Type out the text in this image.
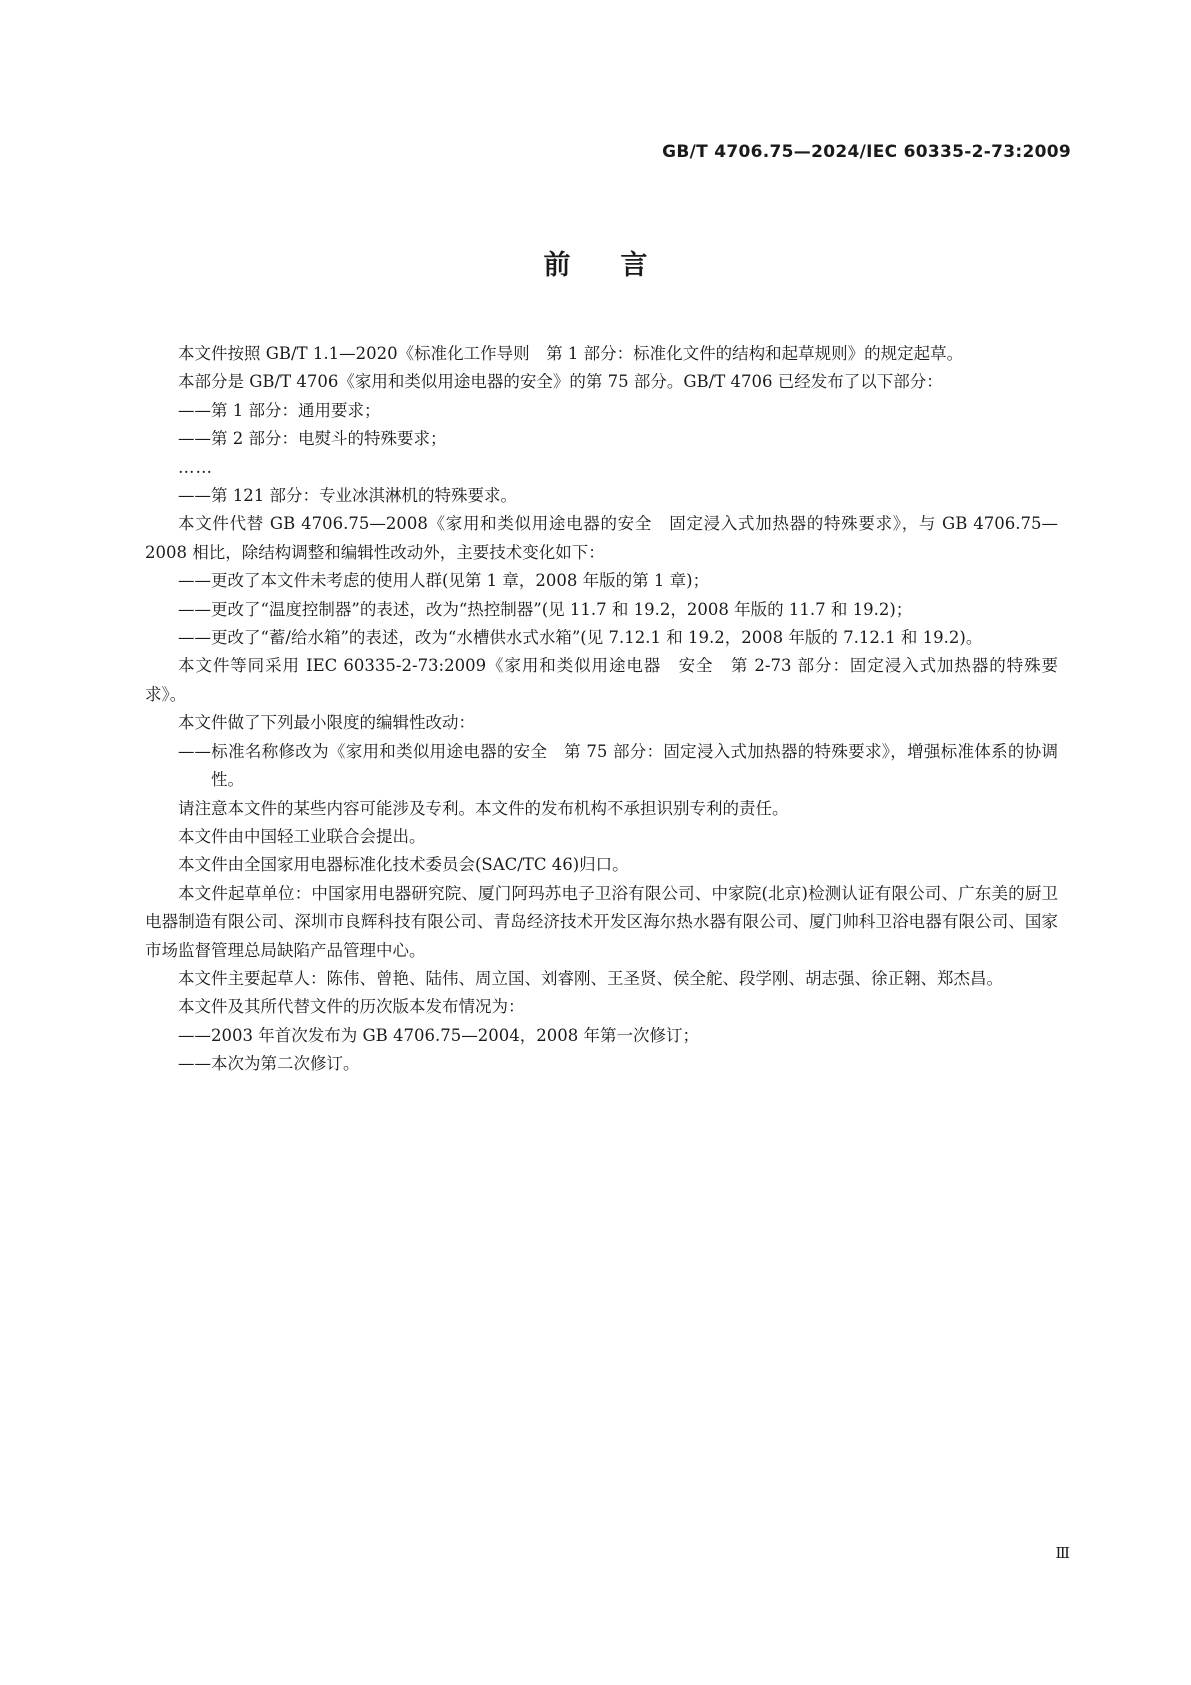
GB/T 4706.75—2024/IEC 60335-2-73:2009
前言

本文件按照 GB/T 1.1—2020《标准化工作导则　第 1 部分：标准化文件的结构和起草规则》的规定起草。

本部分是 GB/T 4706《家用和类似用途电器的安全》的第 75 部分。GB/T 4706 已经发布了以下部分：

——第 1 部分：通用要求；

——第 2 部分：电熨斗的特殊要求；

……

——第 121 部分：专业冰淇淋机的特殊要求。

本文件代替 GB 4706.75—2008《家用和类似用途电器的安全　固定浸入式加热器的特殊要求》，与 GB 4706.75—2008 相比，除结构调整和编辑性改动外，主要技术变化如下：

——更改了本文件未考虑的使用人群(见第 1 章，2008 年版的第 1 章)；

——更改了“温度控制器”的表述，改为“热控制器”(见 11.7 和 19.2，2008 年版的 11.7 和 19.2)；

——更改了“蓄/给水箱”的表述，改为“水槽供水式水箱”(见 7.12.1 和 19.2，2008 年版的 7.12.1 和 19.2)。

本文件等同采用 IEC 60335-2-73:2009《家用和类似用途电器　安全　第 2-73 部分：固定浸入式加热器的特殊要求》。

本文件做了下列最小限度的编辑性改动：

——标准名称修改为《家用和类似用途电器的安全　第 75 部分：固定浸入式加热器的特殊要求》，增强标准体系的协调性。

请注意本文件的某些内容可能涉及专利。本文件的发布机构不承担识别专利的责任。

本文件由中国轻工业联合会提出。

本文件由全国家用电器标准化技术委员会(SAC/TC 46)归口。

本文件起草单位：中国家用电器研究院、厦门阿玛苏电子卫浴有限公司、中家院(北京)检测认证有限公司、广东美的厨卫电器制造有限公司、深圳市良辉科技有限公司、青岛经济技术开发区海尔热水器有限公司、厦门帅科卫浴电器有限公司、国家市场监督管理总局缺陷产品管理中心。

本文件主要起草人：陈伟、曾艳、陆伟、周立国、刘睿刚、王圣贤、侯全舵、段学刚、胡志强、徐正翱、郑杰昌。

本文件及其所代替文件的历次版本发布情况为：

——2003 年首次发布为 GB 4706.75—2004，2008 年第一次修订；

——本次为第二次修订。

Ⅲ
